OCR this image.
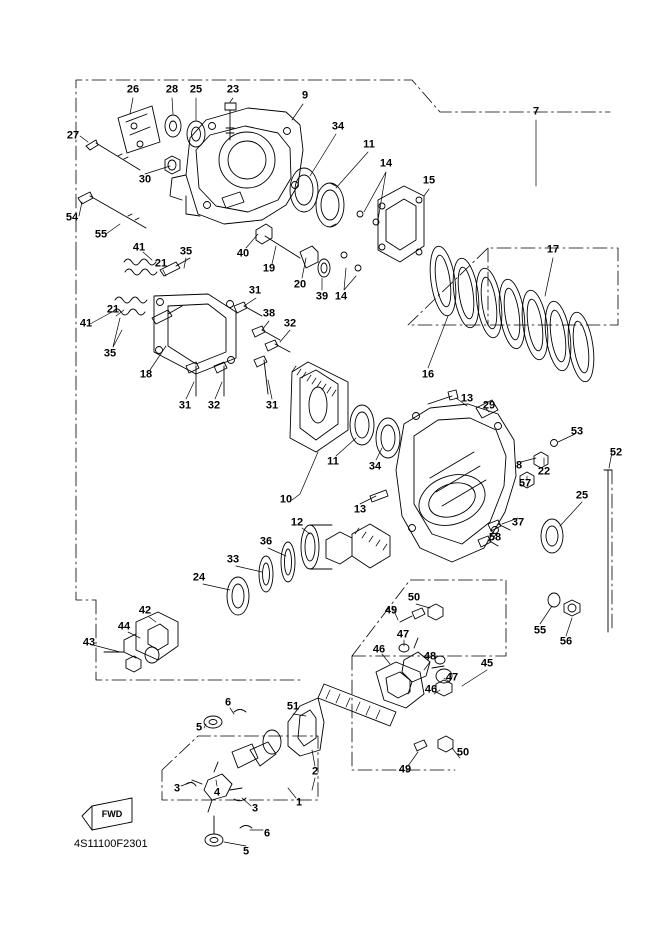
FWD
4S11100F2301
26 28 25 23	9
7
27
34
11
14
30	15
54
55
17
41	35
21
40
19
20
39 14
31
41
21	38
32
35
16
18
31 32	31
13
29
53
52
11	34	8 22
57
25
10
13
12	37
58
36
33
24
49
50
42
55
56
47
44
46
48
45
43
47
46
6	51
5
50
49
2
3	4
1
3
6
5
